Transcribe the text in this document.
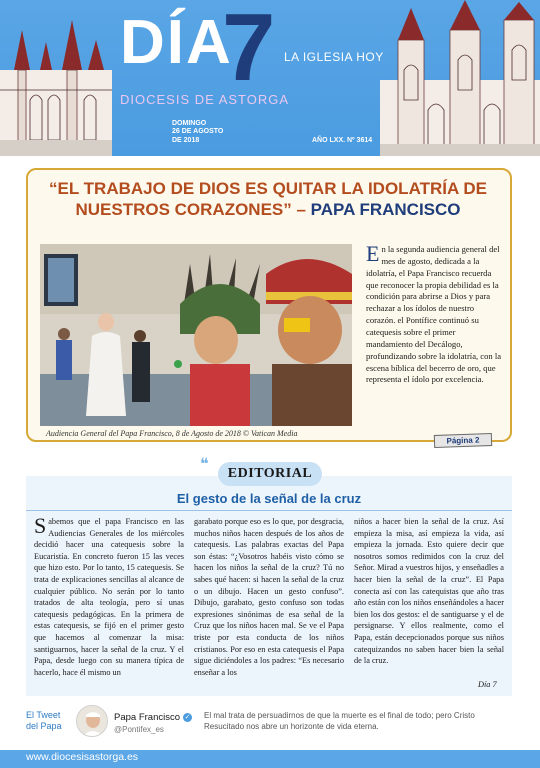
DÍA
7 LA IGLESIA HOY
DIOCESIS DE ASTORGA
DOMINGO
26 DE AGOSTO
DE 2018	AÑO LXX. Nº 3614
“EL TRABAJO DE DIOS ES QUITAR LA IDOLATRÍA DE NUESTROS CORAZONES” – PAPA FRANCISCO
Audiencia General del Papa Francisco, 8 de Agosto de 2018 © Vatican Media
En la segunda audiencia general del mes de agosto, dedicada a la idolatría, el Papa Francisco recuerda que reconocer la propia debilidad es la condición para abrirse a Dios y para rechazar a los ídolos de nuestro corazón. el Pontífice continuó su catequesis sobre el primer mandamiento del Decálogo, profundizando sobre la idolatría, con la escena bíblica del becerro de oro, que representa el ídolo por excelencia.
Página 2
❝
EDITORIAL
El gesto de la señal de la cruz
Sabemos que el papa Francisco en las Audiencias Generales de los miércoles decidió hacer una catequesis sobre la Eucaristía. En concreto fueron 15 las veces que hizo esto. Por lo tanto, 15 catequesis. Se trata de explicaciones sencillas al alcance de cualquier público. No serán por lo tanto tratados de alta teología, pero sí unas catequesis pedagógicas. En la primera de estas catequesis, se fijó en el primer gesto que hacemos al comenzar la misa: santiguarnos, hacer la señal de la cruz. Y el Papa, desde luego con su manera típica de hacerlo, hace él mismo un
garabato porque eso es lo que, por desgracia, muchos niños hacen después de los años de catequesis. Las palabras exactas del Papa son éstas: “¿Vosotros habéis visto cómo se hacen los niños la señal de la cruz? Tú no sabes qué hacen: si hacen la señal de la cruz o un dibujo. Hacen un gesto confuso”. Dibujo, garabato, gesto confuso son todas expresiones sinónimas de esa señal de la Cruz que los niños hacen mal. Se ve el Papa triste por esta conducta de los niños cristianos. Por eso en esta catequesis el Papa sigue diciéndoles a los padres: “Es necesario enseñar a los
niños a hacer bien la señal de la cruz. Así empieza la misa, así empieza la vida, así empieza la jornada. Esto quiere decir que nosotros somos redimidos con la cruz del Señor. Mirad a vuestros hijos, y enseñadles a hacer bien la señal de la cruz”. El Papa conecta así con las catequistas que año tras año están con los niños enseñándoles a hacer bien los dos gestos: el de santiguarse y el de persignarse. Y ellos realmente, como el Papa, están decepcionados porque sus niños catequizandos no saben hacer bien la señal de la cruz.
Día 7
El Tweet del Papa
Papa Francisco ✓
@Pontifex_es
El mal trata de persuadirnos de que la muerte es el final de todo; pero Cristo Resucitado nos abre un horizonte de vida eterna.
www.diocesisastorga.es
